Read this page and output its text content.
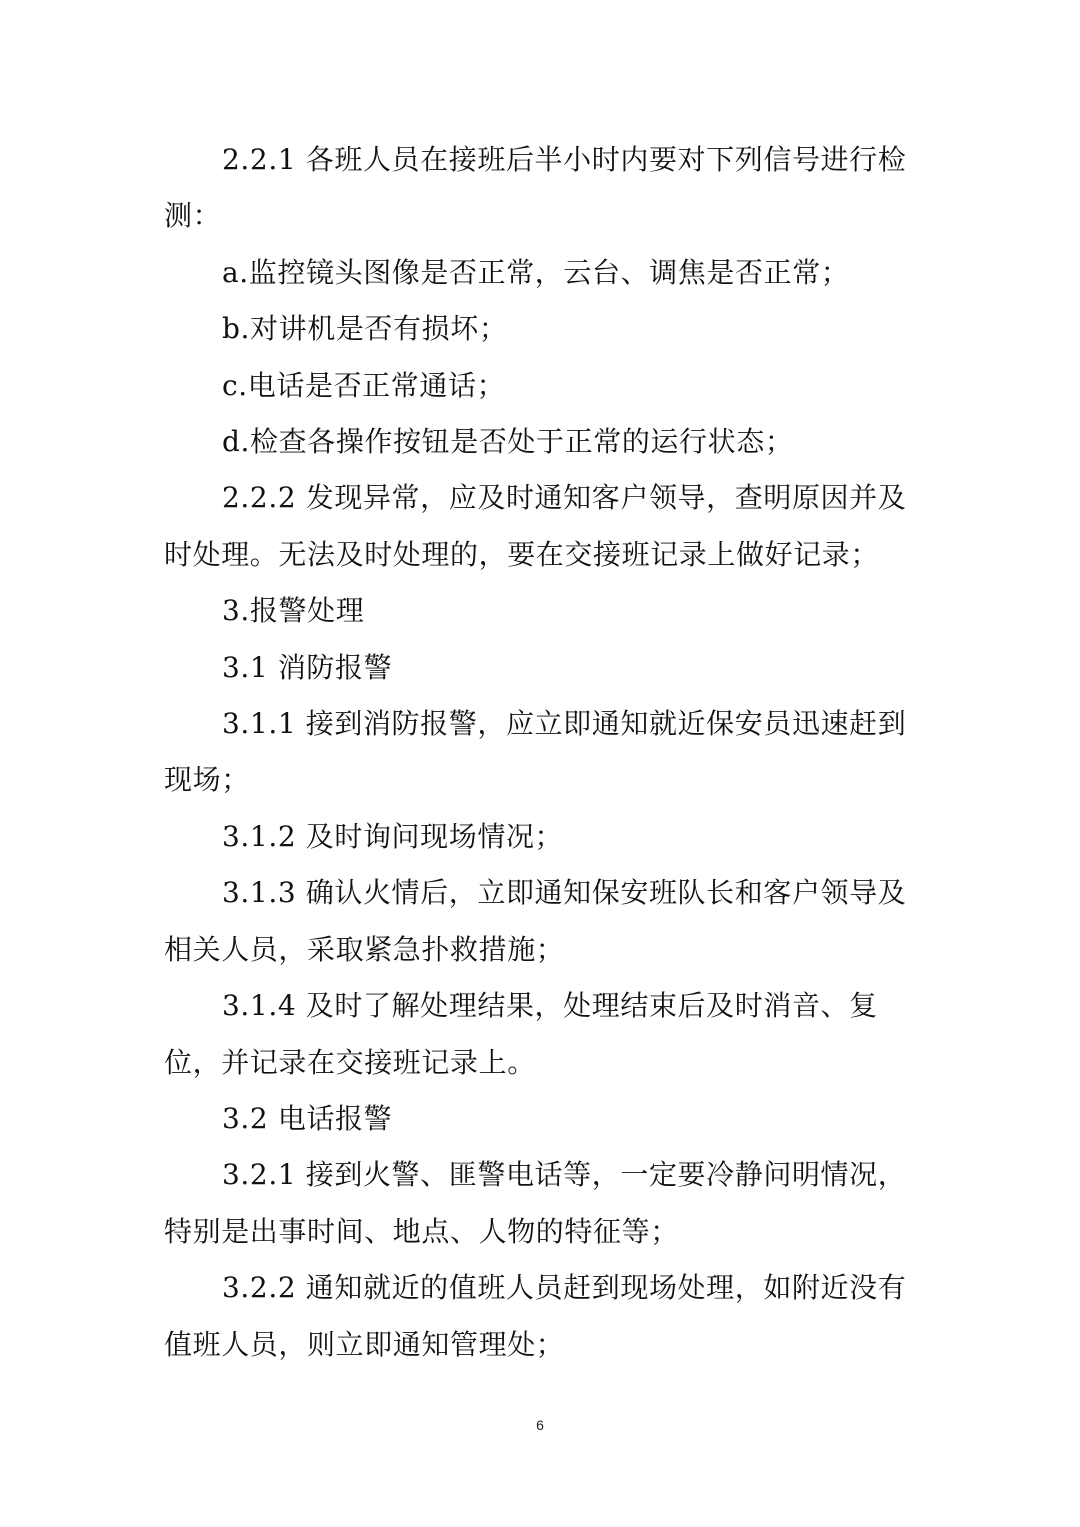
2.2.1 各班人员在接班后半小时内要对下列信号进行检测：

a.监控镜头图像是否正常，云台、调焦是否正常；

b.对讲机是否有损坏；

c.电话是否正常通话；

d.检查各操作按钮是否处于正常的运行状态；

2.2.2 发现异常，应及时通知客户领导，查明原因并及时处理。无法及时处理的，要在交接班记录上做好记录；

3.报警处理

3.1 消防报警

3.1.1 接到消防报警，应立即通知就近保安员迅速赶到现场；

3.1.2 及时询问现场情况；

3.1.3 确认火情后，立即通知保安班队长和客户领导及相关人员，采取紧急扑救措施；

3.1.4 及时了解处理结果，处理结束后及时消音、复位，并记录在交接班记录上。

3.2 电话报警

3.2.1 接到火警、匪警电话等，一定要冷静问明情况，特别是出事时间、地点、人物的特征等；

3.2.2 通知就近的值班人员赶到现场处理，如附近没有值班人员，则立即通知管理处；

6
